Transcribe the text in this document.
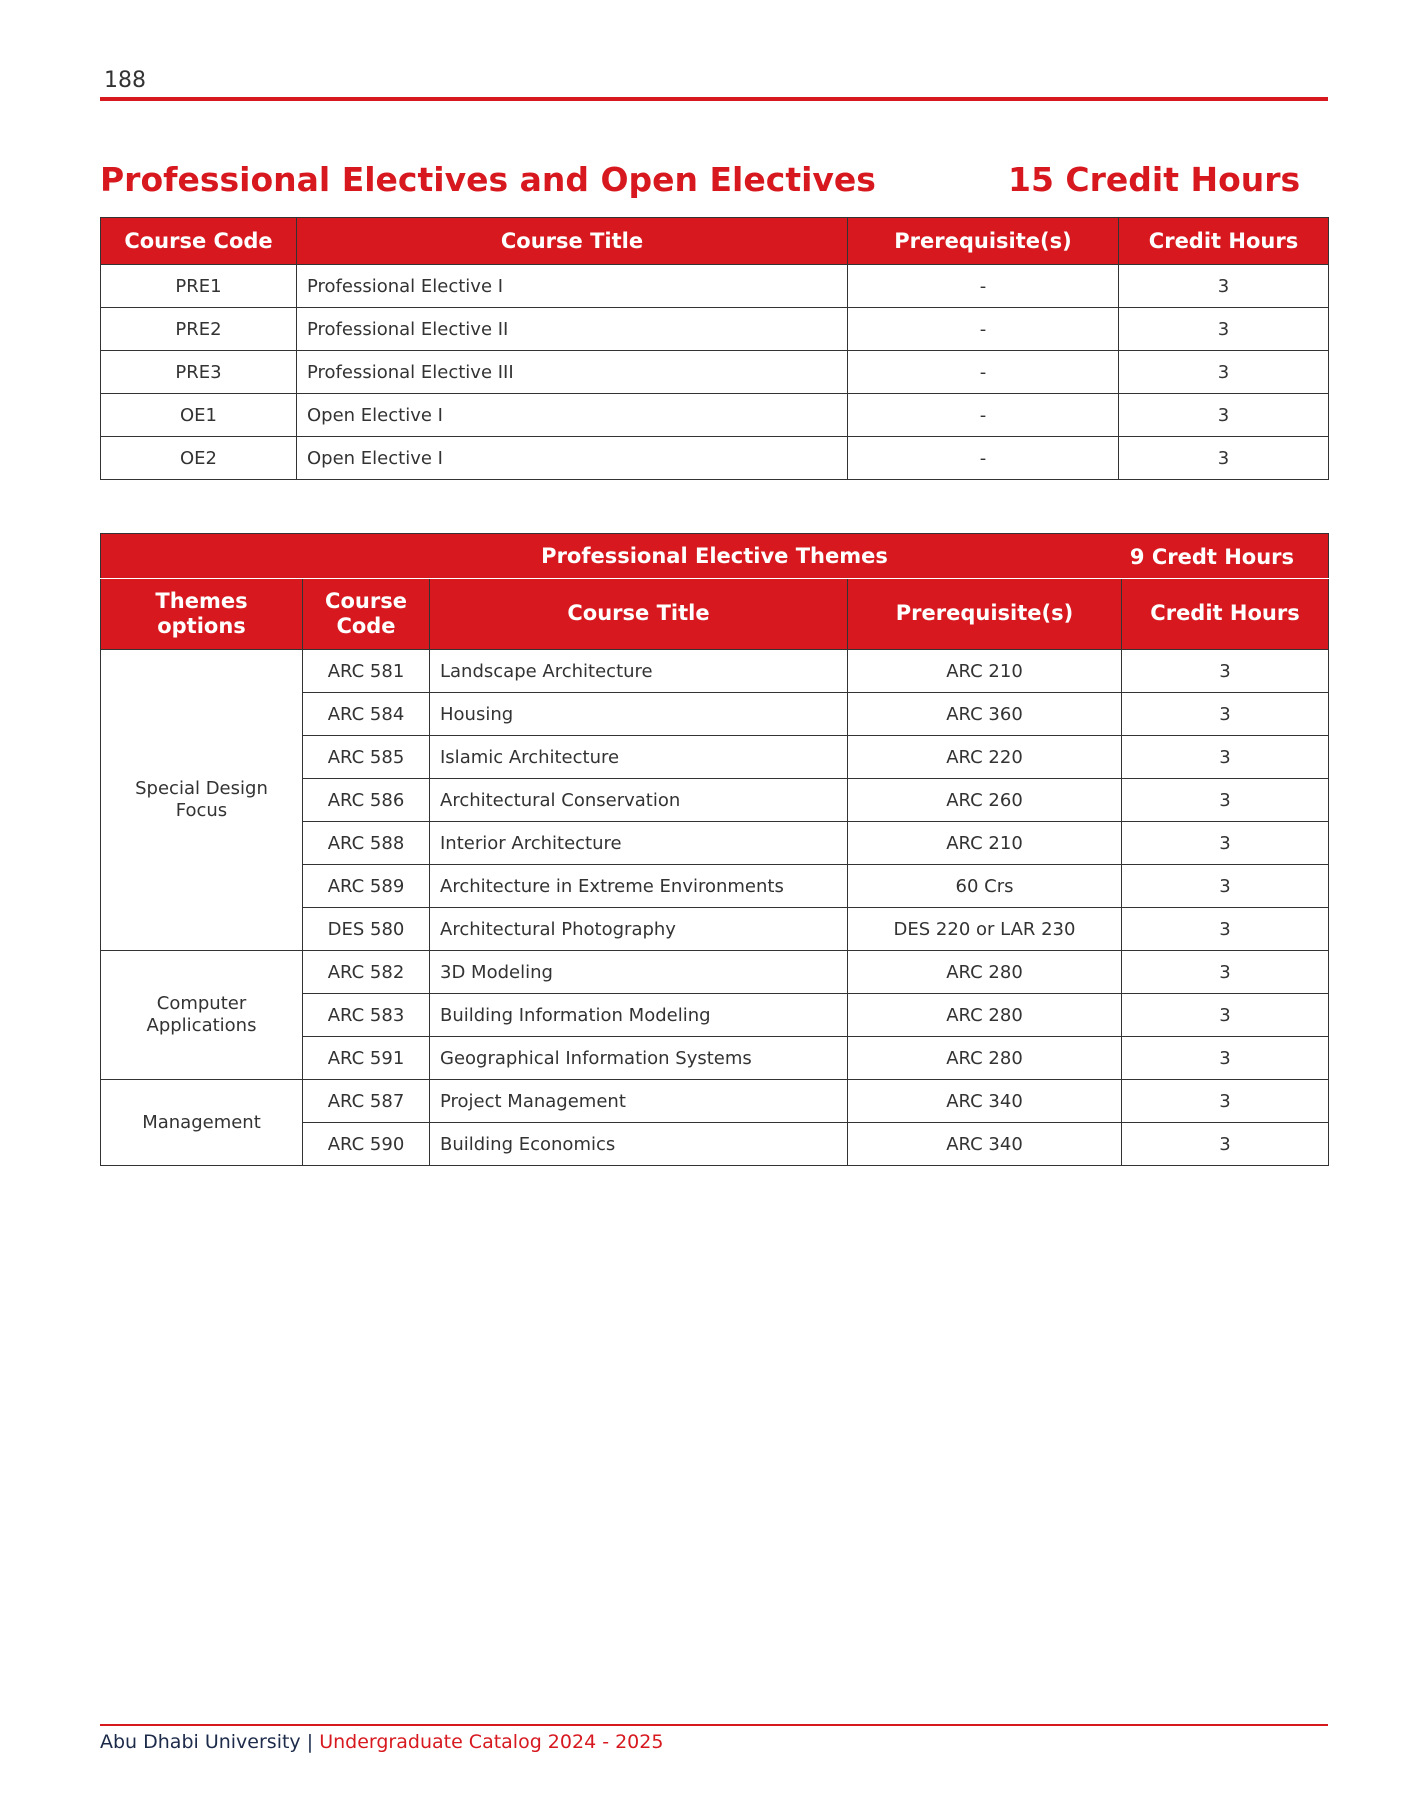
188
Professional Electives and Open Electives	15 Credit Hours
Course Code	Course Title	Prerequisite(s)	Credit Hours
PRE1	Professional Elective I	-	3
PRE2	Professional Elective II	-	3
PRE3	Professional Elective III	-	3
OE1	Open Elective I	-	3
OE2	Open Elective I	-	3
Professional Elective Themes 9 Credt Hours				

Themes options	Course Code	Course Title	Prerequisite(s)	Credit Hours
Special Design Focus	ARC 581	Landscape Architecture	ARC 210	3
	ARC 584	Housing	ARC 360	3
	ARC 585	Islamic Architecture	ARC 220	3
	ARC 586	Architectural Conservation	ARC 260	3
	ARC 588	Interior Architecture	ARC 210	3
	ARC 589	Architecture in Extreme Environments	60 Crs	3
	DES 580	Architectural Photography	DES 220 or LAR 230	3
Computer Applications	ARC 582	3D Modeling	ARC 280	3
	ARC 583	Building Information Modeling	ARC 280	3
	ARC 591	Geographical Information Systems	ARC 280	3
Management	ARC 587	Project Management	ARC 340	3
	ARC 590	Building Economics	ARC 340	3
Abu Dhabi University | Undergraduate Catalog 2024 - 2025
